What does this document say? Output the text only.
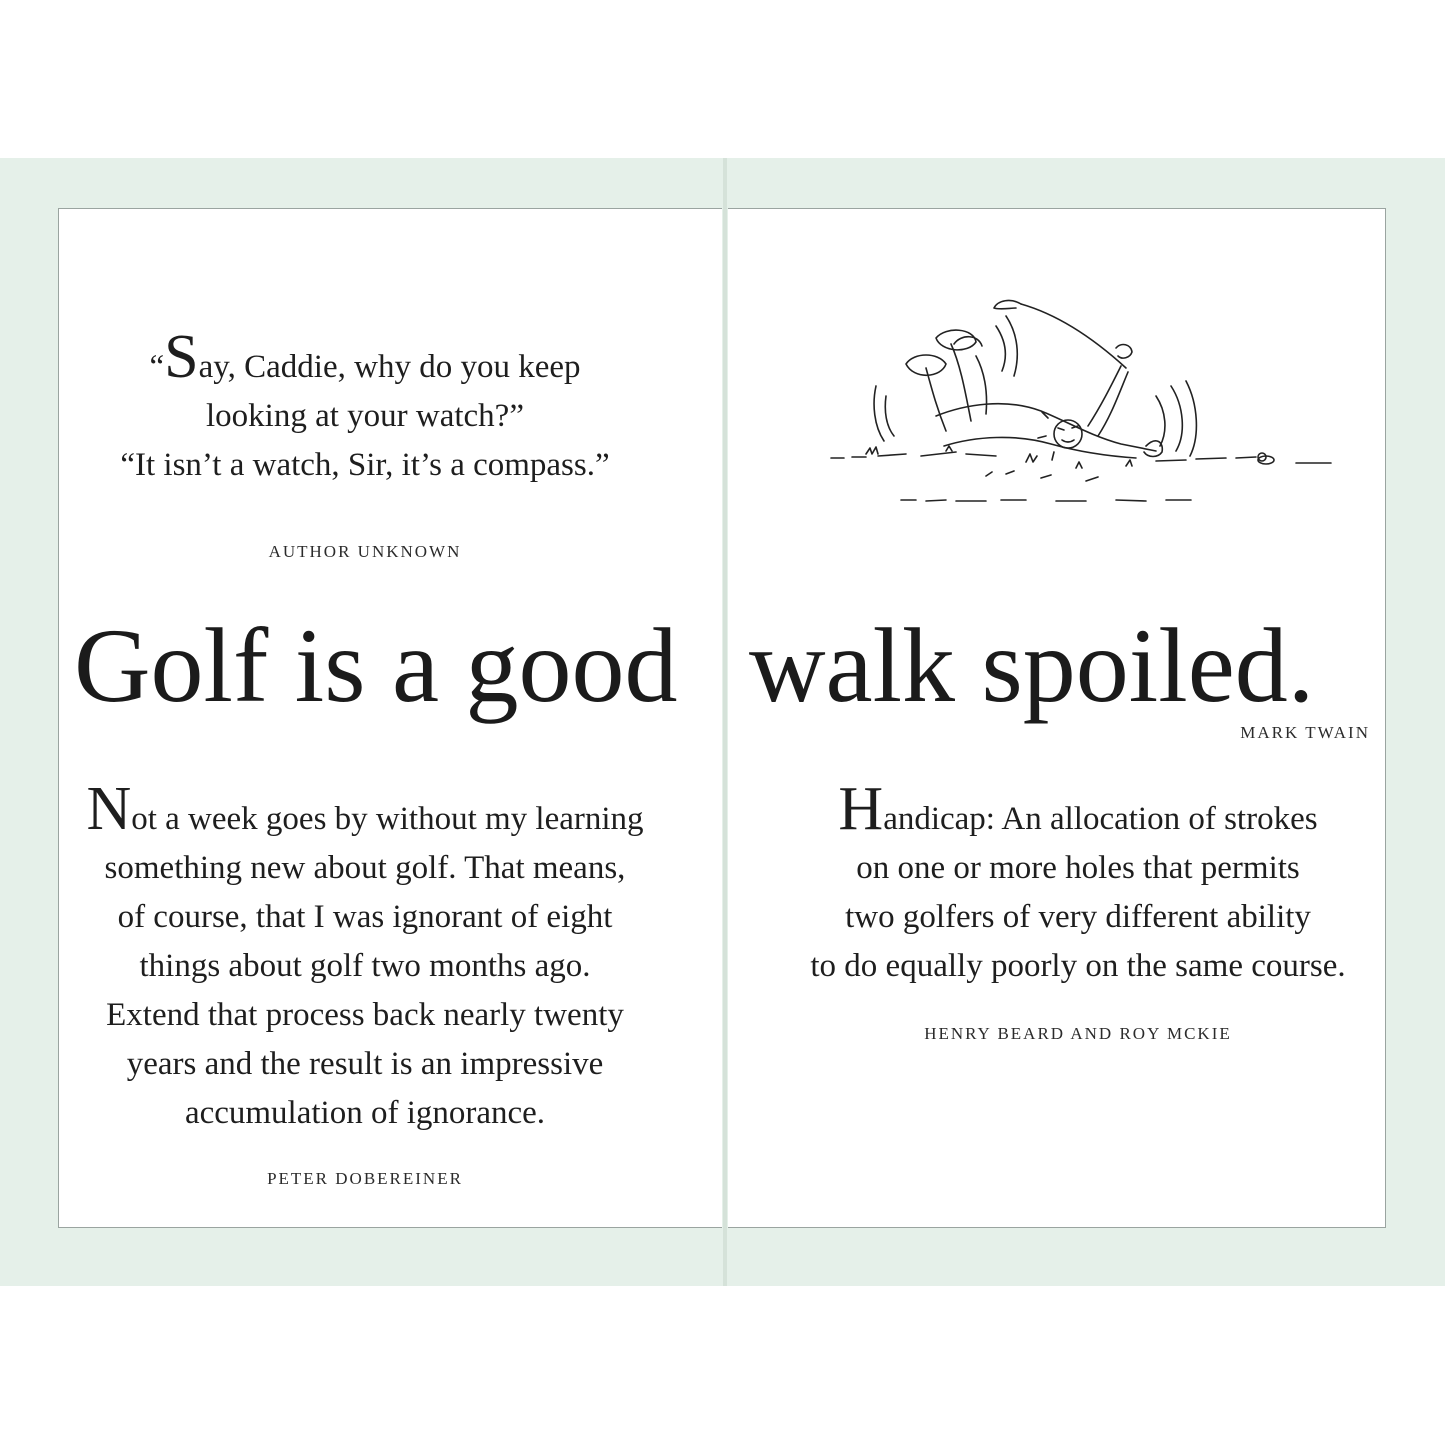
“Say, Caddie, why do you keep

looking at your watch?”

“It isn’t a watch, Sir, it’s a compass.”

AUTHOR UNKNOWN
Golf is a good walk spoiled.
MARK TWAIN

Not a week goes by without my learning

something new about golf. That means,

of course, that I was ignorant of eight

things about golf two months ago.

Extend that process back nearly twenty

years and the result is an impressive

accumulation of ignorance.

PETER DOBEREINER

Handicap: An allocation of strokes

on one or more holes that permits

two golfers of very different ability

to do equally poorly on the same course.

HENRY BEARD AND ROY MCKIE
